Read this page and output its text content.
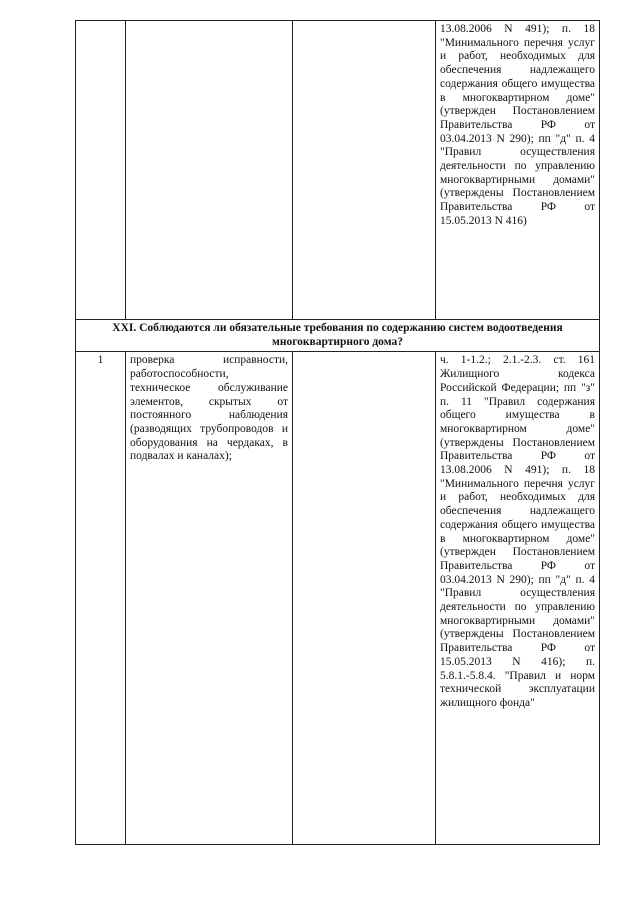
			13.08.2006 N 491); п. 18 "Минимального перечня услуг и работ, необходимых для обеспечения надлежащего содержания общего имущества в многоквартирном доме" (утвержден Постановлением Правительства РФ от 03.04.2013 N 290); пп "д" п. 4 "Правил осуществления деятельности по управлению многоквартирными домами" (утверждены Постановлением Правительства РФ от 15.05.2013 N 416)
XXI. Соблюдаются ли обязательные требования по содержанию систем водоотведения многоквартирного дома?			
1	проверка исправности, работоспособности, техническое обслуживание элементов, скрытых от постоянного наблюдения (разводящих трубопроводов и оборудования на чердаках, в подвалах и каналах);		ч. 1-1.2.; 2.1.-2.3. ст. 161 Жилищного кодекса Российской Федерации; пп "з" п. 11 "Правил содержания общего имущества в многоквартирном доме" (утверждены Постановлением Правительства РФ от 13.08.2006 N 491); п. 18 "Минимального перечня услуг и работ, необходимых для обеспечения надлежащего содержания общего имущества в многоквартирном доме" (утвержден Постановлением Правительства РФ от 03.04.2013 N 290); пп "д" п. 4 "Правил осуществления деятельности по управлению многоквартирными домами" (утверждены Постановлением Правительства РФ от 15.05.2013 N 416); п. 5.8.1.-5.8.4. "Правил и норм технической эксплуатации жилищного фонда"
